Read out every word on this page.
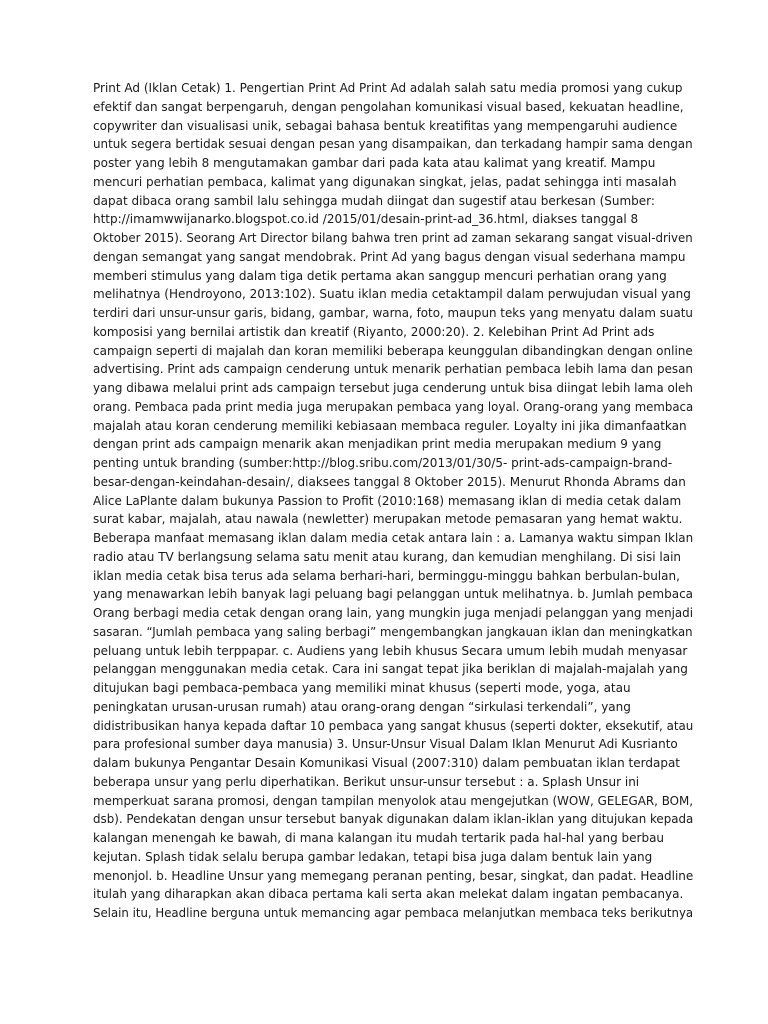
Print Ad (Iklan Cetak) 1. Pengertian Print Ad Print Ad adalah salah satu media promosi yang cukup
efektif dan sangat berpengaruh, dengan pengolahan komunikasi visual based, kekuatan headline,
copywriter dan visualisasi unik, sebagai bahasa bentuk kreatifitas yang mempengaruhi audience
untuk segera bertidak sesuai dengan pesan yang disampaikan, dan terkadang hampir sama dengan
poster yang lebih 8 mengutamakan gambar dari pada kata atau kalimat yang kreatif. Mampu
mencuri perhatian pembaca, kalimat yang digunakan singkat, jelas, padat sehingga inti masalah
dapat dibaca orang sambil lalu sehingga mudah diingat dan sugestif atau berkesan (Sumber:
http://imamwwijanarko.blogspot.co.id /2015/01/desain-print-ad_36.html, diakses tanggal 8
Oktober 2015). Seorang Art Director bilang bahwa tren print ad zaman sekarang sangat visual-driven
dengan semangat yang sangat mendobrak. Print Ad yang bagus dengan visual sederhana mampu
memberi stimulus yang dalam tiga detik pertama akan sanggup mencuri perhatian orang yang
melihatnya (Hendroyono, 2013:102). Suatu iklan media cetaktampil dalam perwujudan visual yang
terdiri dari unsur-unsur garis, bidang, gambar, warna, foto, maupun teks yang menyatu dalam suatu
komposisi yang bernilai artistik dan kreatif (Riyanto, 2000:20). 2. Kelebihan Print Ad Print ads
campaign seperti di majalah dan koran memiliki beberapa keunggulan dibandingkan dengan online
advertising. Print ads campaign cenderung untuk menarik perhatian pembaca lebih lama dan pesan
yang dibawa melalui print ads campaign tersebut juga cenderung untuk bisa diingat lebih lama oleh
orang. Pembaca pada print media juga merupakan pembaca yang loyal. Orang-orang yang membaca
majalah atau koran cenderung memiliki kebiasaan membaca reguler. Loyalty ini jika dimanfaatkan
dengan print ads campaign menarik akan menjadikan print media merupakan medium 9 yang
penting untuk branding (sumber:http://blog.sribu.com/2013/01/30/5- print-ads-campaign-brand-
besar-dengan-keindahan-desain/, diaksees tanggal 8 Oktober 2015). Menurut Rhonda Abrams dan
Alice LaPlante dalam bukunya Passion to Profit (2010:168) memasang iklan di media cetak dalam
surat kabar, majalah, atau nawala (newletter) merupakan metode pemasaran yang hemat waktu.
Beberapa manfaat memasang iklan dalam media cetak antara lain : a. Lamanya waktu simpan Iklan
radio atau TV berlangsung selama satu menit atau kurang, dan kemudian menghilang. Di sisi lain
iklan media cetak bisa terus ada selama berhari-hari, berminggu-minggu bahkan berbulan-bulan,
yang menawarkan lebih banyak lagi peluang bagi pelanggan untuk melihatnya. b. Jumlah pembaca
Orang berbagi media cetak dengan orang lain, yang mungkin juga menjadi pelanggan yang menjadi
sasaran. “Jumlah pembaca yang saling berbagi” mengembangkan jangkauan iklan dan meningkatkan
peluang untuk lebih terppapar. c. Audiens yang lebih khusus Secara umum lebih mudah menyasar
pelanggan menggunakan media cetak. Cara ini sangat tepat jika beriklan di majalah-majalah yang
ditujukan bagi pembaca-pembaca yang memiliki minat khusus (seperti mode, yoga, atau
peningkatan urusan-urusan rumah) atau orang-orang dengan “sirkulasi terkendali”, yang
didistribusikan hanya kepada daftar 10 pembaca yang sangat khusus (seperti dokter, eksekutif, atau
para profesional sumber daya manusia) 3. Unsur-Unsur Visual Dalam Iklan Menurut Adi Kusrianto
dalam bukunya Pengantar Desain Komunikasi Visual (2007:310) dalam pembuatan iklan terdapat
beberapa unsur yang perlu diperhatikan. Berikut unsur-unsur tersebut : a. Splash Unsur ini
memperkuat sarana promosi, dengan tampilan menyolok atau mengejutkan (WOW, GELEGAR, BOM,
dsb). Pendekatan dengan unsur tersebut banyak digunakan dalam iklan-iklan yang ditujukan kepada
kalangan menengah ke bawah, di mana kalangan itu mudah tertarik pada hal-hal yang berbau
kejutan. Splash tidak selalu berupa gambar ledakan, tetapi bisa juga dalam bentuk lain yang
menonjol. b. Headline Unsur yang memegang peranan penting, besar, singkat, dan padat. Headline
itulah yang diharapkan akan dibaca pertama kali serta akan melekat dalam ingatan pembacanya.
Selain itu, Headline berguna untuk memancing agar pembaca melanjutkan membaca teks berikutnya
